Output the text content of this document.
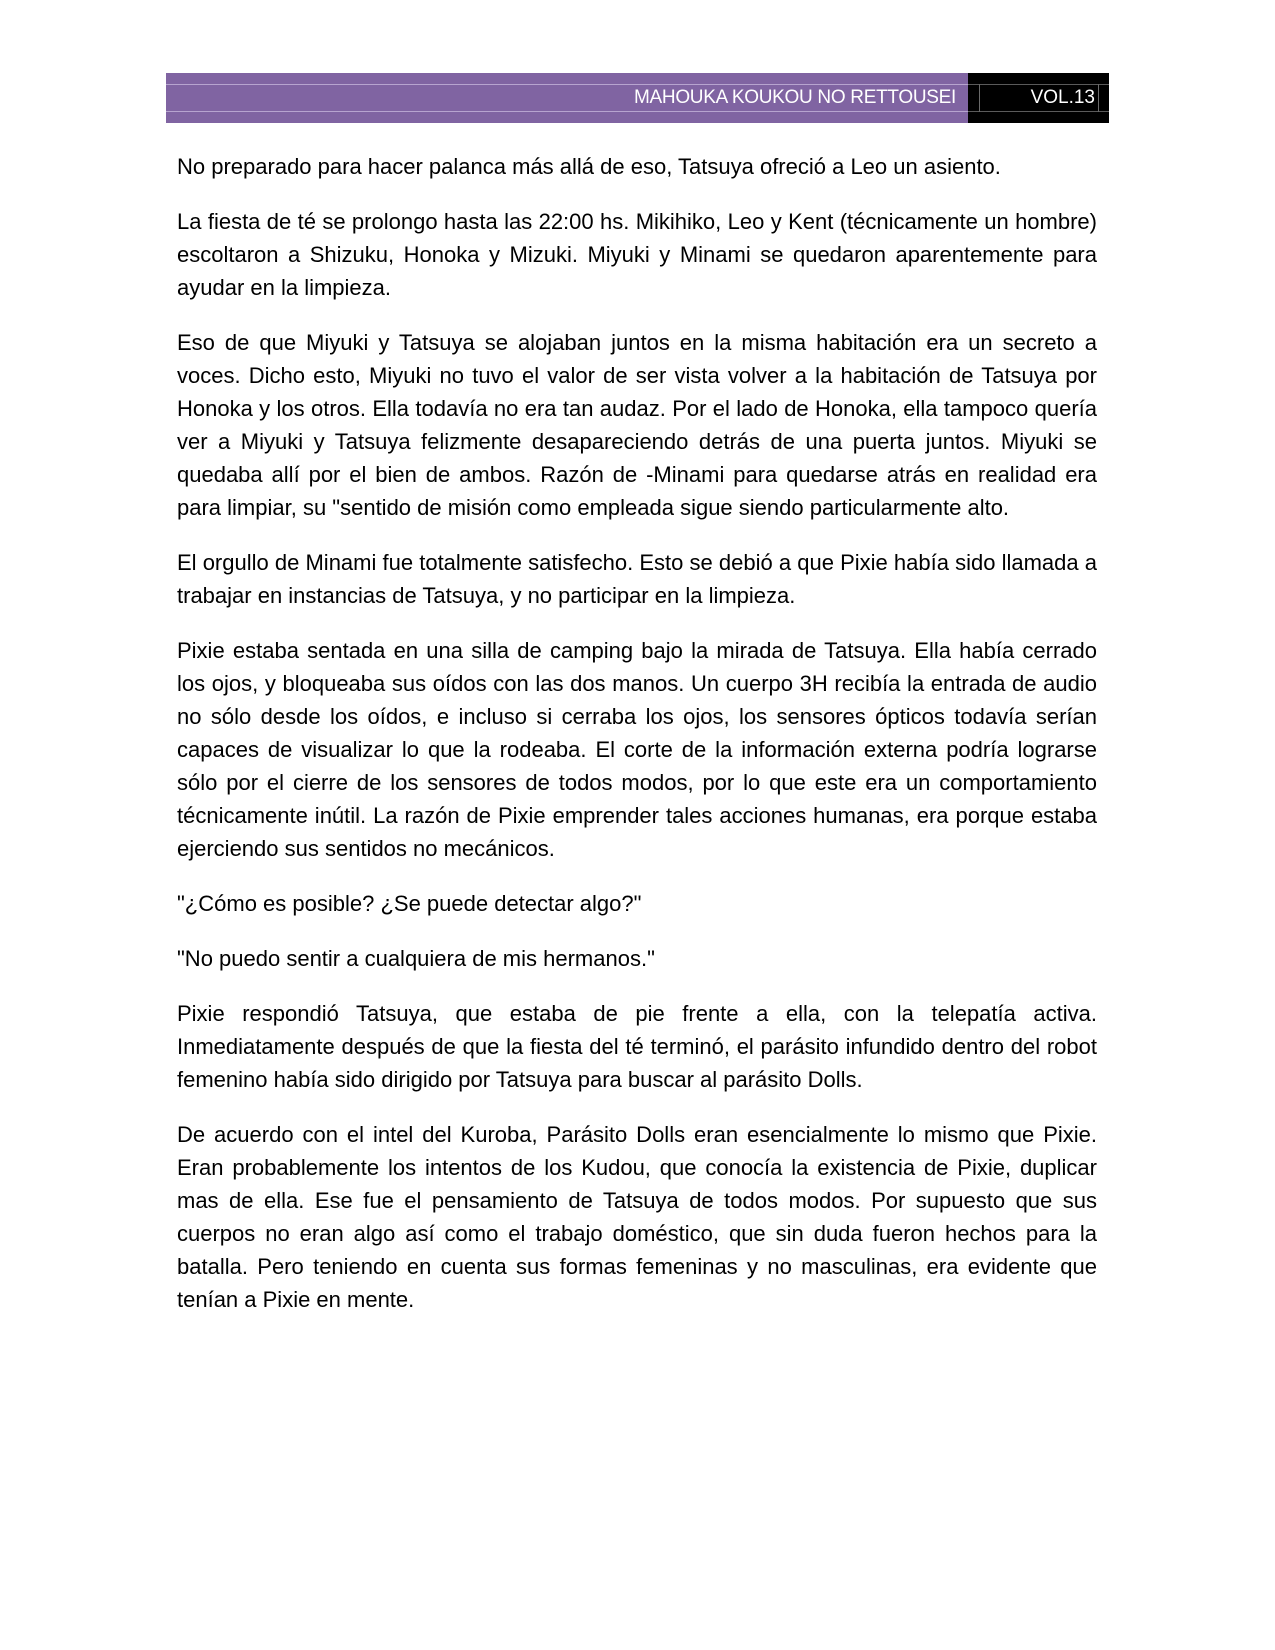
MAHOUKA KOUKOU NO RETTOUSEI	VOL.13

No preparado para hacer palanca más allá de eso, Tatsuya ofreció a Leo un asiento.

La fiesta de té se prolongo hasta las 22:00 hs. Mikihiko, Leo y Kent (técnicamente un hombre) escoltaron a Shizuku, Honoka y Mizuki. Miyuki y Minami se quedaron aparentemente para ayudar en la limpieza.

Eso de que Miyuki y Tatsuya se alojaban juntos en la misma habitación era un secreto a voces. Dicho esto, Miyuki no tuvo el valor de ser vista volver a la habitación de Tatsuya por Honoka y los otros. Ella todavía no era tan audaz. Por el lado de Honoka, ella tampoco quería ver a Miyuki y Tatsuya felizmente desapareciendo detrás de una puerta juntos. Miyuki se quedaba allí por el bien de ambos. Razón de -Minami para quedarse atrás en realidad era para limpiar, su "sentido de misión como empleada sigue siendo particularmente alto.

El orgullo de Minami fue totalmente satisfecho. Esto se debió a que Pixie había sido llamada a trabajar en instancias de Tatsuya, y no participar en la limpieza.

Pixie estaba sentada en una silla de camping bajo la mirada de Tatsuya. Ella había cerrado los ojos, y bloqueaba sus oídos con las dos manos. Un cuerpo 3H recibía la entrada de audio no sólo desde los oídos, e incluso si cerraba los ojos, los sensores ópticos todavía serían capaces de visualizar lo que la rodeaba. El corte de la información externa podría lograrse sólo por el cierre de los sensores de todos modos, por lo que este era un comportamiento técnicamente inútil. La razón de Pixie emprender tales acciones humanas, era porque estaba ejerciendo sus sentidos no mecánicos.

"¿Cómo es posible? ¿Se puede detectar algo?"

"No puedo sentir a cualquiera de mis hermanos."

Pixie respondió Tatsuya, que estaba de pie frente a ella, con la telepatía activa. Inmediatamente después de que la fiesta del té terminó, el parásito infundido dentro del robot femenino había sido dirigido por Tatsuya para buscar al parásito Dolls.

De acuerdo con el intel del Kuroba, Parásito Dolls eran esencialmente lo mismo que Pixie. Eran probablemente los intentos de los Kudou, que conocía la existencia de Pixie, duplicar mas de ella. Ese fue el pensamiento de Tatsuya de todos modos. Por supuesto que sus cuerpos no eran algo así como el trabajo doméstico, que sin duda fueron hechos para la batalla. Pero teniendo en cuenta sus formas femeninas y no masculinas, era evidente que tenían a Pixie en mente.
